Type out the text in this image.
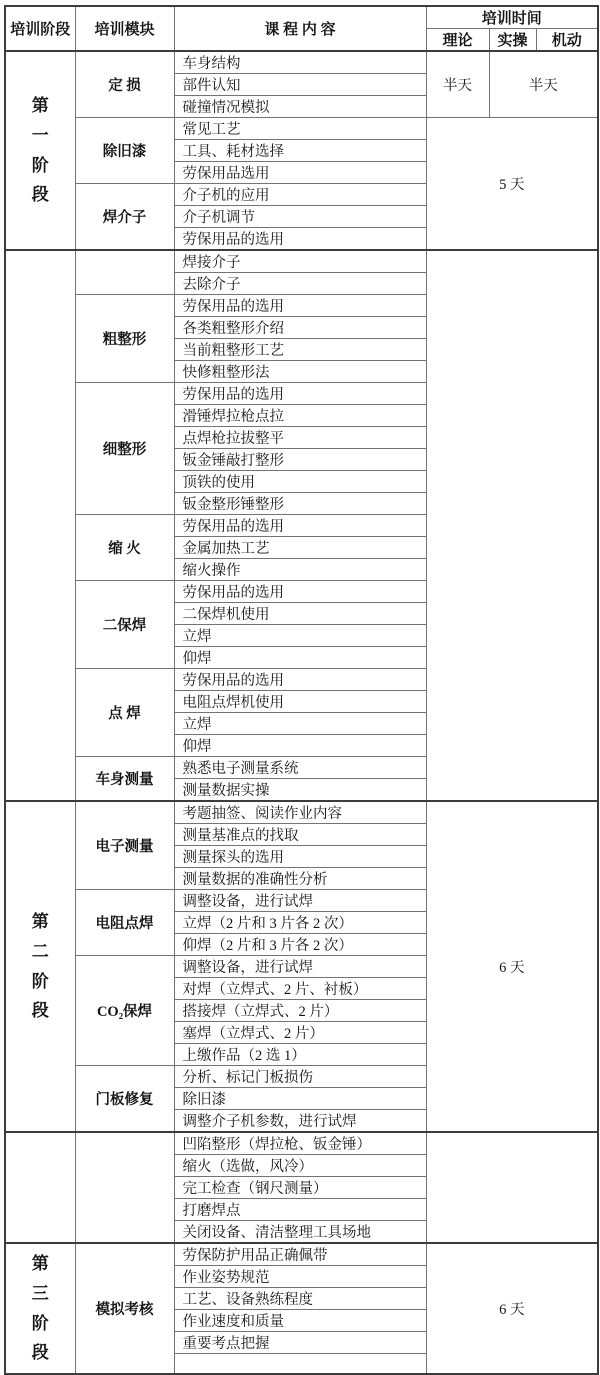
培训阶段	培训模块	课 程 内 容	培训时间		
			理论	实操	机动

第一阶段	定 损	车身结构	半天	半天	
		部件认知			
		碰撞情况模拟			
	除旧漆	常见工艺	5 天		
		工具、耗材选择			
		劳保用品选用			
	焊介子	介子机的应用			
		介子机调节			
		劳保用品的选用			

		焊接介子			
		去除介子			
	粗整形	劳保用品的选用			
		各类粗整形介绍			
		当前粗整形工艺			
		快修粗整形法			
	细整形	劳保用品的选用			
		滑锤焊拉枪点拉			
		点焊枪拉拔整平			
		钣金锤敲打整形			
		顶铁的使用			
		钣金整形锤整形			
	缩 火	劳保用品的选用			
		金属加热工艺			
		缩火操作			
	二保焊	劳保用品的选用			
		二保焊机使用			
		立焊			
		仰焊			
	点 焊	劳保用品的选用			
		电阻点焊机使用			
		立焊			
		仰焊			
	车身测量	熟悉电子测量系统			
		测量数据实操			

第二阶段	电子测量	考题抽签、阅读作业内容	6 天		
		测量基准点的找取			
		测量探头的选用			
		测量数据的准确性分析			
	电阻点焊	调整设备，进行试焊			
		立焊（2 片和 3 片各 2 次）			
		仰焊（2 片和 3 片各 2 次）			
	CO₂保焊	调整设备，进行试焊			
		对焊（立焊式、2 片、衬板）			
		搭接焊（立焊式、2 片）			
		塞焊（立焊式、2 片）			
		上缴作品（2 选 1）			
	门板修复	分析、标记门板损伤			
		除旧漆			
		调整介子机参数，进行试焊			

		凹陷整形（焊拉枪、钣金锤）			
		缩火（选做，风冷）			
		完工检查（钢尺测量）			
		打磨焊点			
		关闭设备、清洁整理工具场地			

第三阶段	模拟考核	劳保防护用品正确佩带	6 天		
		作业姿势规范			
		工艺、设备熟练程度			
		作业速度和质量			
		重要考点把握			
